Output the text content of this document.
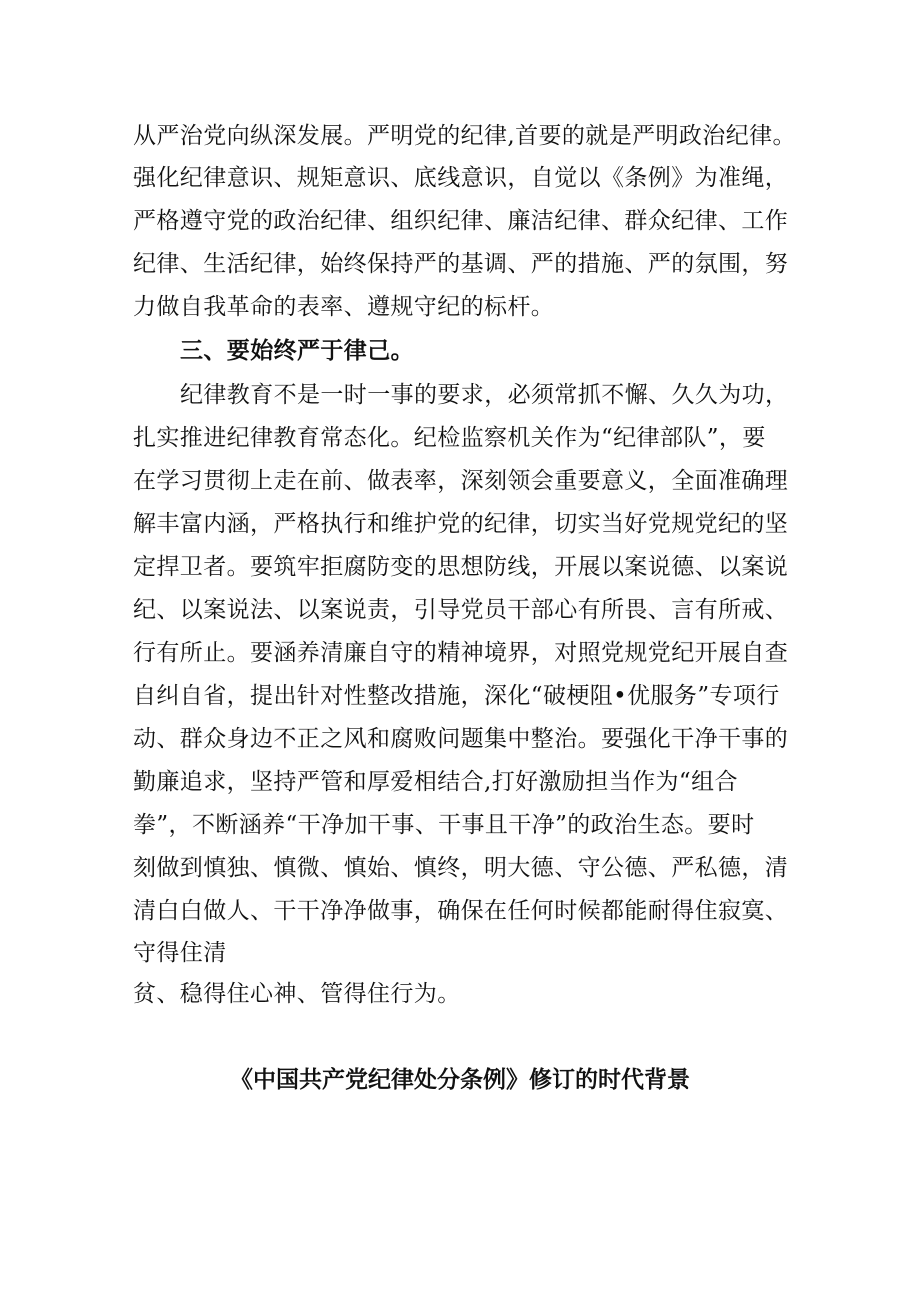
从严治党向纵深发展。严明党的纪律,首要的就是严明政治纪律。
强化纪律意识、规矩意识、底线意识，自觉以《条例》为准绳，
严格遵守党的政治纪律、组织纪律、廉洁纪律、群众纪律、工作
纪律、生活纪律，始终保持严的基调、严的措施、严的氛围，努
力做自我革命的表率、遵规守纪的标杆。
三、要始终严于律己。
纪律教育不是一时一事的要求，必须常抓不懈、久久为功，
扎实推进纪律教育常态化。纪检监察机关作为“纪律部队”，要
在学习贯彻上走在前、做表率，深刻领会重要意义，全面准确理
解丰富内涵，严格执行和维护党的纪律，切实当好党规党纪的坚
定捍卫者。要筑牢拒腐防变的思想防线，开展以案说德、以案说
纪、以案说法、以案说责，引导党员干部心有所畏、言有所戒、
行有所止。要涵养清廉自守的精神境界，对照党规党纪开展自查
自纠自省，提出针对性整改措施，深化“破梗阻•优服务”专项行
动、群众身边不正之风和腐败问题集中整治。要强化干净干事的
勤廉追求，坚持严管和厚爱相结合,打好激励担当作为“组合
拳”，不断涵养“干净加干事、干事且干净”的政治生态。要时
刻做到慎独、慎微、慎始、慎终，明大德、守公德、严私德，清
清白白做人、干干净净做事，确保在任何时候都能耐得住寂寞、
守得住清
贫、稳得住心神、管得住行为。
《中国共产党纪律处分条例》修订的时代背景
